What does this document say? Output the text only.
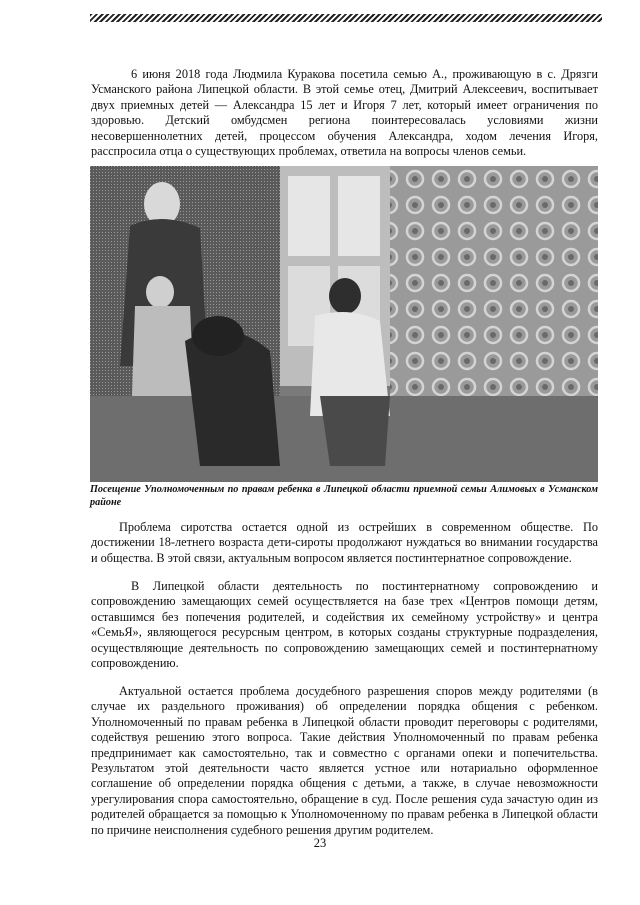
6 июня 2018 года Людмила Куракова посетила семью А., проживающую в с. Дрязги Усманского района Липецкой области. В этой семье отец, Дмитрий Алексеевич, воспитывает двух приемных детей — Александра 15 лет и Игоря 7 лет, который имеет ограничения по здоровью. Детский омбудсмен региона поинтересовалась условиями жизни несовершеннолетних детей, процессом обучения Александра, ходом лечения Игоря, расспросила отца о существующих проблемах, ответила на вопросы членов семьи.

Посещение Уполномоченным по правам ребенка в Липецкой области приемной семьи Алимовых в Усманском районе

Проблема сиротства остается одной из острейших в современном обществе. По достижении 18-летнего возраста дети-сироты продолжают нуждаться во внимании государства и общества. В этой связи, актуальным вопросом является постинтернатное сопровождение.

В Липецкой области деятельность по постинтернатному сопровождению и сопровождению замещающих семей осуществляется на базе трех «Центров помощи детям, оставшимся без попечения родителей, и содействия их семейному устройству» и центра «СемьЯ», являющегося ресурсным центром, в которых созданы структурные подразделения, осуществляющие деятельность по сопровождению замещающих семей и постинтернатному сопровождению.

Актуальной остается проблема досудебного разрешения споров между родителями (в случае их раздельного проживания) об определении порядка общения с ребенком. Уполномоченный по правам ребенка в Липецкой области проводит переговоры с родителями, содействуя решению этого вопроса. Такие действия Уполномоченный по правам ребенка предпринимает как самостоятельно, так и совместно с органами опеки и попечительства. Результатом этой деятельности часто является устное или нотариально оформленное соглашение об определении порядка общения с детьми, а также, в случае невозможности урегулирования спора самостоятельно, обращение в суд. После решения суда зачастую один из родителей обращается за помощью к Уполномоченному по правам ребенка в Липецкой области по причине неисполнения судебного решения другим родителем.

23
